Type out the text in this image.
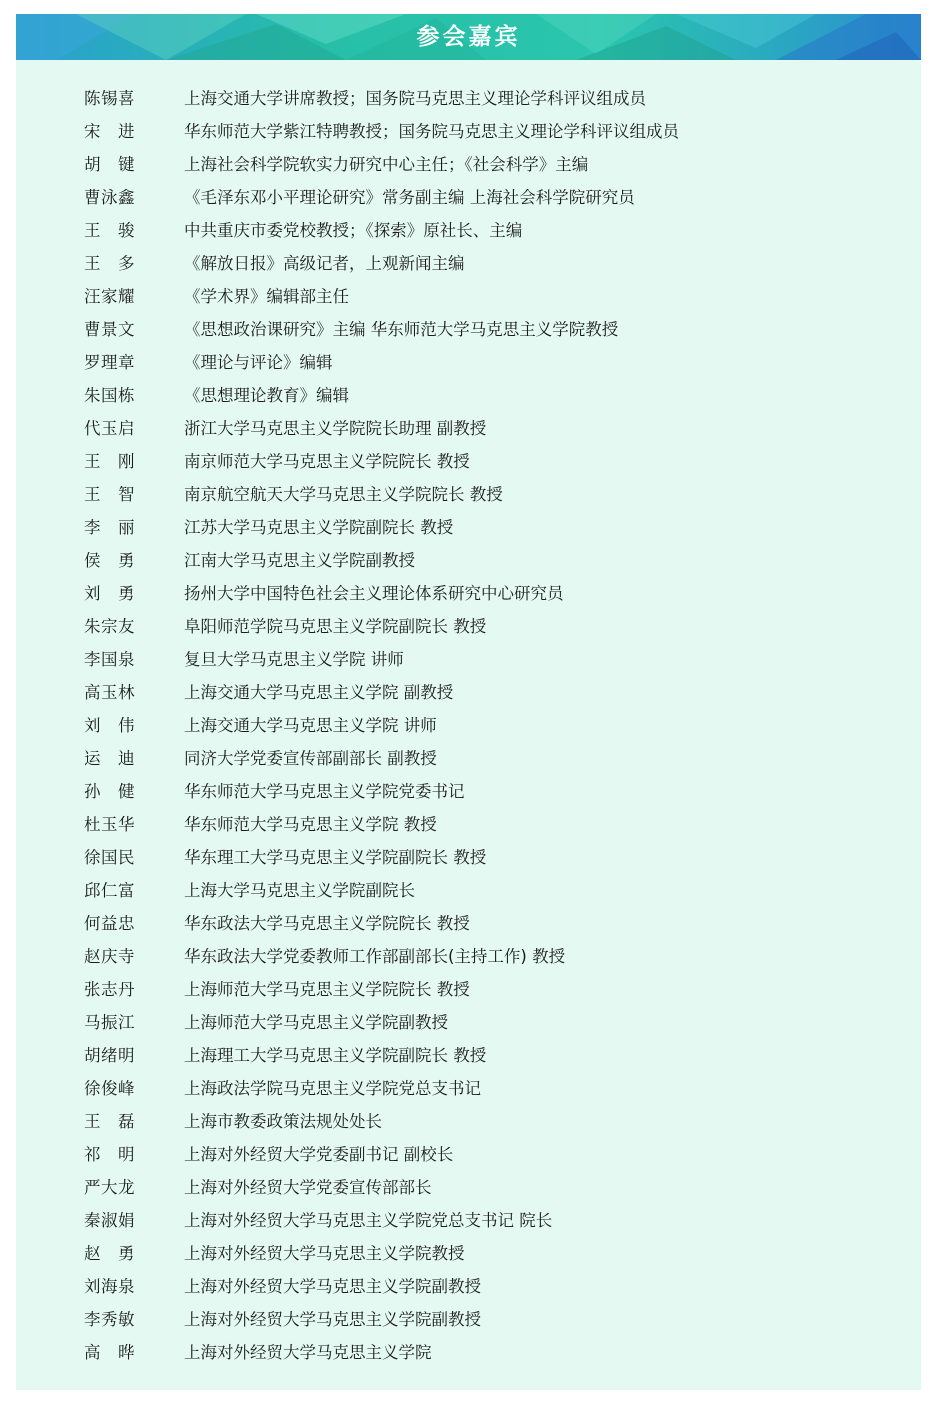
参会嘉宾
陈锡喜	上海交通大学讲席教授；国务院马克思主义理论学科评议组成员
宋　进	华东师范大学紫江特聘教授；国务院马克思主义理论学科评议组成员
胡　键	上海社会科学院软实力研究中心主任；《社会科学》主编
曹泳鑫	《毛泽东邓小平理论研究》常务副主编 上海社会科学院研究员
王　骏	中共重庆市委党校教授；《探索》原社长、主编
王　多	《解放日报》高级记者，上观新闻主编
汪家耀	《学术界》编辑部主任
曹景文	《思想政治课研究》主编 华东师范大学马克思主义学院教授
罗理章	《理论与评论》编辑
朱国栋	《思想理论教育》编辑
代玉启	浙江大学马克思主义学院院长助理 副教授
王　刚	南京师范大学马克思主义学院院长 教授
王　智	南京航空航天大学马克思主义学院院长 教授
李　丽	江苏大学马克思主义学院副院长 教授
侯　勇	江南大学马克思主义学院副教授
刘　勇	扬州大学中国特色社会主义理论体系研究中心研究员
朱宗友	阜阳师范学院马克思主义学院副院长 教授
李国泉	复旦大学马克思主义学院 讲师
高玉林	上海交通大学马克思主义学院 副教授
刘　伟	上海交通大学马克思主义学院 讲师
运　迪	同济大学党委宣传部副部长 副教授
孙　健	华东师范大学马克思主义学院党委书记
杜玉华	华东师范大学马克思主义学院 教授
徐国民	华东理工大学马克思主义学院副院长 教授
邱仁富	上海大学马克思主义学院副院长
何益忠	华东政法大学马克思主义学院院长 教授
赵庆寺	华东政法大学党委教师工作部副部长(主持工作) 教授
张志丹	上海师范大学马克思主义学院院长 教授
马振江	上海师范大学马克思主义学院副教授
胡绪明	上海理工大学马克思主义学院副院长 教授
徐俊峰	上海政法学院马克思主义学院党总支书记
王　磊	上海市教委政策法规处处长
祁　明	上海对外经贸大学党委副书记 副校长
严大龙	上海对外经贸大学党委宣传部部长
秦淑娟	上海对外经贸大学马克思主义学院党总支书记 院长
赵　勇	上海对外经贸大学马克思主义学院教授
刘海泉	上海对外经贸大学马克思主义学院副教授
李秀敏	上海对外经贸大学马克思主义学院副教授
高　晔	上海对外经贸大学马克思主义学院
